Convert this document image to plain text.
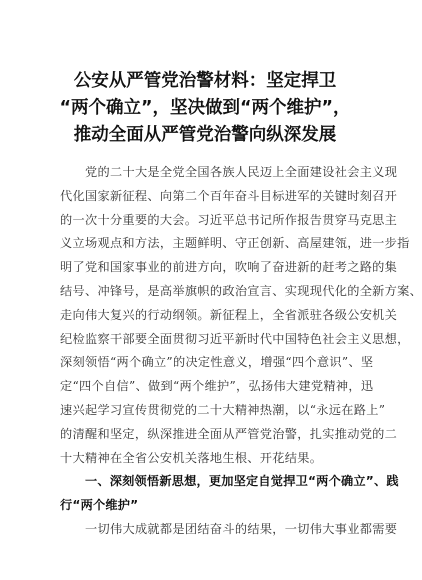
公安从严管党治警材料：坚定捍卫
“两个确立”，坚决做到“两个维护”，
推动全面从严管党治警向纵深发展
党的二十大是全党全国各族人民迈上全面建设社会主义现
代化国家新征程、向第二个百年奋斗目标进军的关键时刻召开
的一次十分重要的大会。习近平总书记所作报告贯穿马克思主
义立场观点和方法，主题鲜明、守正创新、高屋建瓴，进一步指
明了党和国家事业的前进方向，吹响了奋进新的赶考之路的集
结号、冲锋号，是高举旗帜的政治宣言、实现现代化的全新方案、
走向伟大复兴的行动纲领。新征程上，全省派驻各级公安机关
纪检监察干部要全面贯彻习近平新时代中国特色社会主义思想，
深刻领悟“两个确立”的决定性意义，增强“四个意识”、坚
定“四个自信”、做到“两个维护”，弘扬伟大建党精神，迅
速兴起学习宣传贯彻党的二十大精神热潮，以“永远在路上”
的清醒和坚定，纵深推进全面从严管党治警，扎实推动党的二
十大精神在全省公安机关落地生根、开花结果。
一、深刻领悟新思想，更加坚定自觉捍卫“两个确立”、践
行“两个维护”
一切伟大成就都是团结奋斗的结果，一切伟大事业都需要
